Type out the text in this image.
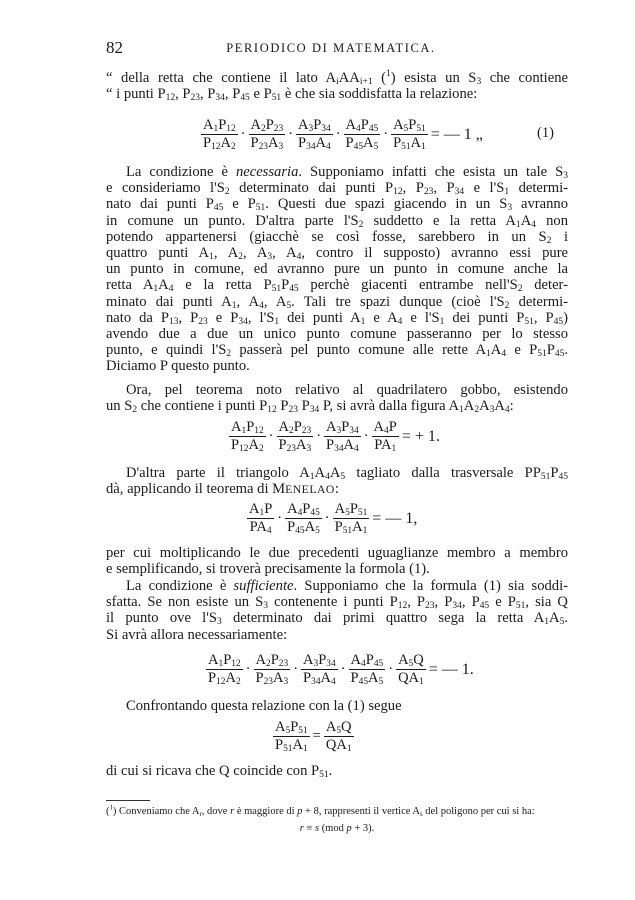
82	PERIODICO DI MATEMATICA.
“ della retta che contiene il lato $A_iAA_{i+1}$ ($^1$) esista un $S_3$ che contiene
“ i punti $P_{12}$, $P_{23}$, $P_{34}$, $P_{45}$ e $P_{51}$ è che sia soddisfatta la relazione:
$\frac{A_1P_{12}}{P_{12}A_2} \cdot \frac{A_2P_{23}}{P_{23}A_3} \cdot \frac{A_3P_{34}}{P_{34}A_4} \cdot \frac{A_4P_{45}}{P_{45}A_5} \cdot \frac{A_5P_{51}}{P_{51}A_1}$ = — 1 „	(1)
La condizione è necessaria. Supponiamo infatti che esista un tale $S_3$
e consideriamo $l'S_2$ determinato dai punti $P_{12}$, $P_{23}$, $P_{34}$ e $l'S_1$ determi-
nato dai punti $P_{45}$ e $P_{51}$. Questi due spazi giacendo in un $S_3$ avranno
in comune un punto. D'altra parte $l'S_2$ suddetto e la retta $A_1A_4$ non
potendo appartenersi (giacchè se così fosse, sarebbero in un $S_2$ i
quattro punti $A_1$, $A_2$, $A_3$, $A_4$, contro il supposto) avranno essi pure
un punto in comune, ed avranno pure un punto in comune anche la
retta $A_1A_4$ e la retta $P_{51}P_{45}$ perchè giacenti entrambe $nell'S_2$ deter-
minato dai punti $A_1$, $A_4$, $A_5$. Tali tre spazi dunque (cioè $l'S_2$ determi-
nato da $P_{13}$, $P_{23}$ e $P_{34}$, $l'S_1$ dei punti $A_1$ e $A_4$ e $l'S_1$ dei punti $P_{51}$, $P_{45}$)
avendo due a due un unico punto comune passeranno per lo stesso
punto, e quindi $l'S_2$ passerà pel punto comune alle rette $A_1A_4$ e $P_{51}P_{45}$.
Diciamo P questo punto.
Ora, pel teorema noto relativo al quadrilatero gobbo, esistendo
un $S_2$ che contiene i punti $P_{12}$ $P_{23}$ $P_{34}$ P, si avrà dalla figura $A_1A_2A_3A_4$:
$\frac{A_1P_{12}}{P_{12}A_2} \cdot \frac{A_2P_{23}}{P_{23}A_3} \cdot \frac{A_3P_{34}}{P_{34}A_4} \cdot \frac{A_4P}{PA_1}$ = + 1.
D'altra parte il triangolo $A_1A_4A_5$ tagliato dalla trasversale $PP_{51}P_{45}$
dà, applicando il teorema di MENELAO:
$\frac{A_1P}{PA_4} \cdot \frac{A_4P_{45}}{P_{45}A_5} \cdot \frac{A_5P_{51}}{P_{51}A_1}$ = — 1,
per cui moltiplicando le due precedenti uguaglianze membro a membro
e semplificando, si troverà precisamente la formola (1).
La condizione è sufficiente. Supponiamo che la formula (1) sia soddi-
sfatta. Se non esiste un $S_3$ contenente i punti $P_{12}$, $P_{23}$, $P_{34}$, $P_{45}$ e $P_{51}$, sia Q
il punto ove $l'S_3$ determinato dai primi quattro sega la retta $A_1A_5$.
Si avrà allora necessariamente:
$\frac{A_1P_{12}}{P_{12}A_2} \cdot \frac{A_2P_{23}}{P_{23}A_3} \cdot \frac{A_3P_{34}}{P_{34}A_4} \cdot \frac{A_4P_{45}}{P_{45}A_5} \cdot \frac{A_5Q}{QA_1}$ = — 1.
Confrontando questa relazione con la (1) segue
$\frac{A_5P_{51}}{P_{51}A_1} = \frac{A_5Q}{QA_1}$
di cui si ricava che Q coincide con $P_{51}$.
($^1$) Conveniamo che $A_r$, dove r è maggiore di p + 8, rappresenti il vertice $A_s$ del poligono per cui si ha:
r ≡ s (mod p + 3).
